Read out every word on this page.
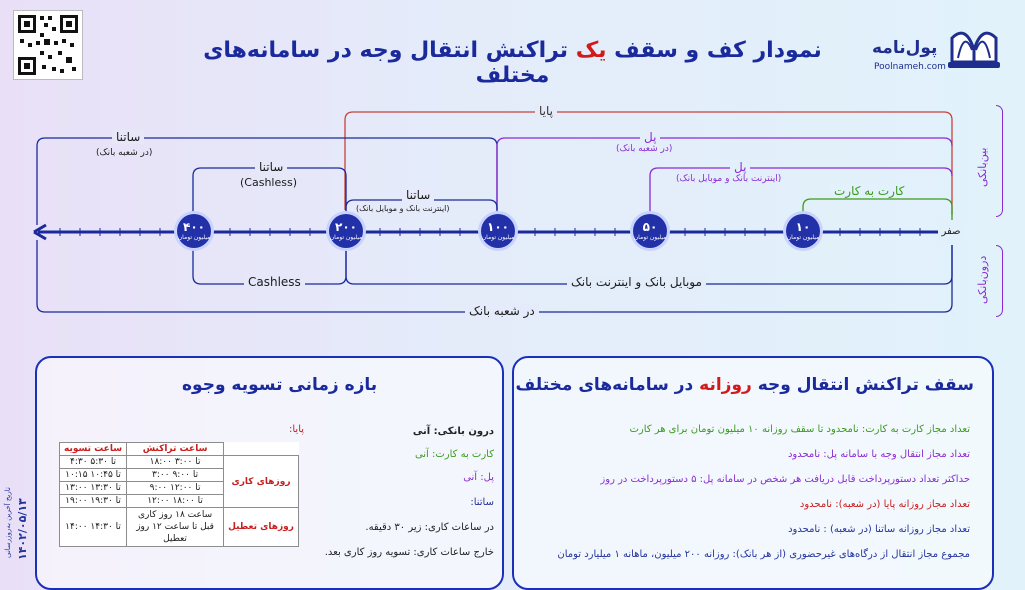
نمودار کف و سقف یک تراکنش انتقال وجه در سامانه‌های مختلف
پول‌نامه
Poolnameh.com
بین‌بانکی
درون‌بانکی
پایا
ساتنا
(در شعبه بانک)
پل
(در شعبه بانک)
ساتنا
(Cashless)
پل
(اینترنت بانک و موبایل بانک)
ساتنا
(اینترنت بانک و موبایل بانک)
کارت به کارت
Cashless	موبایل بانک و اینترنت بانک
در شعبه بانک
۴۰۰
میلیون تومان
۲۰۰
میلیون تومان
۱۰۰
میلیون تومان
۵۰
میلیون تومان
۱۰
میلیون تومان
صفر
تاریخ آخرین به‌روزرسانی ۱۴۰۲/۰۵/۱۳
سقف تراکنش انتقال وجه روزانه در سامانه‌های مختلف
تعداد مجاز کارت به کارت: نامحدود تا سقف روزانه ۱۰ میلیون تومان برای هر کارت
تعداد مجاز انتقال وجه با سامانه پل: نامحدود
حداکثر تعداد دستورپرداخت قابل دریافت هر شخص در سامانه پل: ۵ دستورپرداخت در روز
تعداد مجاز روزانه پایا (در شعبه): نامحدود
تعداد مجاز روزانه ساتنا (در شعبه) : نامحدود
مجموع مجاز انتقال از درگاه‌های غیرحضوری (از هر بانک): روزانه ۲۰۰ میلیون، ماهانه ۱ میلیارد تومان
بازه زمانی تسویه وجوه
درون بانکی: آنی
کارت به کارت: آنی
پل: آنی
پایا:
ساتنا:
در ساعات کاری: زیر ۳۰ دقیقه.
خارج ساعات کاری: تسویه روز کاری بعد.
ساعت تسویه	ساعت تراکنش	
۴:۳۰ تا ۵:۳۰	۱۸:۰۰ تا ۳:۰۰	روزهای کاری
۱۰:۱۵ تا ۱۰:۴۵	۳:۰۰ تا ۹:۰۰	
۱۳:۰۰ تا ۱۳:۳۰	۹:۰۰ تا ۱۲:۰۰	
۱۹:۰۰ تا ۱۹:۳۰	۱۲:۰۰ تا ۱۸:۰۰	
۱۴:۰۰ تا ۱۴:۳۰	ساعت ۱۸ روز کاری قبل تا ساعت ۱۲ روز تعطیل	روزهای تعطیل
